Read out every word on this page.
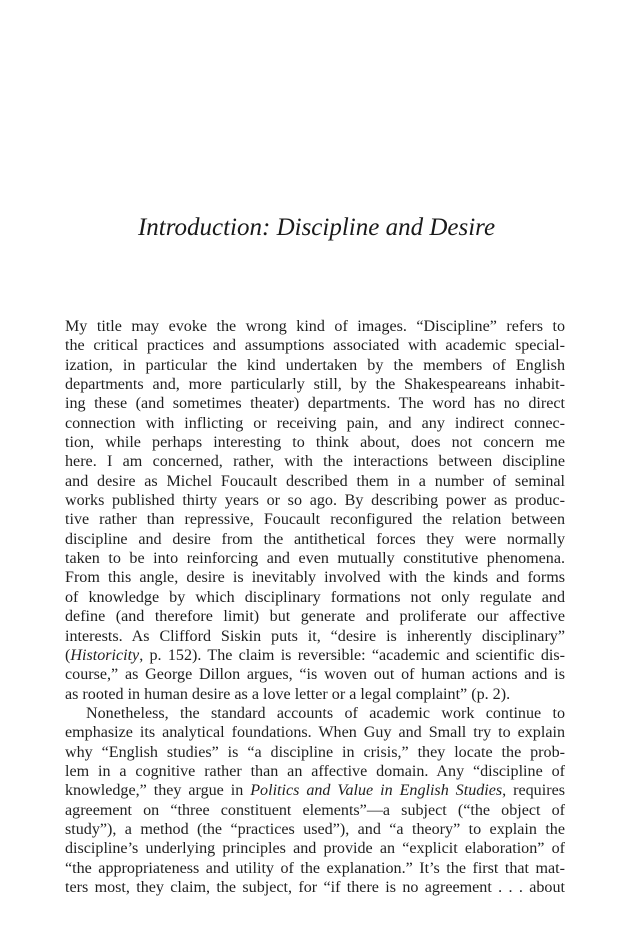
Introduction: Discipline and Desire
My title may evoke the wrong kind of images. “Discipline” refers to
the critical practices and assumptions associated with academic special-
ization, in particular the kind undertaken by the members of English
departments and, more particularly still, by the Shakespeareans inhabit-
ing these (and sometimes theater) departments. The word has no direct
connection with inflicting or receiving pain, and any indirect connec-
tion, while perhaps interesting to think about, does not concern me
here. I am concerned, rather, with the interactions between discipline
and desire as Michel Foucault described them in a number of seminal
works published thirty years or so ago. By describing power as produc-
tive rather than repressive, Foucault reconfigured the relation between
discipline and desire from the antithetical forces they were normally
taken to be into reinforcing and even mutually constitutive phenomena.
From this angle, desire is inevitably involved with the kinds and forms
of knowledge by which disciplinary formations not only regulate and
define (and therefore limit) but generate and proliferate our affective
interests. As Clifford Siskin puts it, “desire is inherently disciplinary”
(Historicity, p. 152). The claim is reversible: “academic and scientific dis-
course,” as George Dillon argues, “is woven out of human actions and is
as rooted in human desire as a love letter or a legal complaint” (p. 2).
Nonetheless, the standard accounts of academic work continue to
emphasize its analytical foundations. When Guy and Small try to explain
why “English studies” is “a discipline in crisis,” they locate the prob-
lem in a cognitive rather than an affective domain. Any “discipline of
knowledge,” they argue in Politics and Value in English Studies, requires
agreement on “three constituent elements”—a subject (“the object of
study”), a method (the “practices used”), and “a theory” to explain the
discipline’s underlying principles and provide an “explicit elaboration” of
“the appropriateness and utility of the explanation.” It’s the first that mat-
ters most, they claim, the subject, for “if there is no agreement . . . about
